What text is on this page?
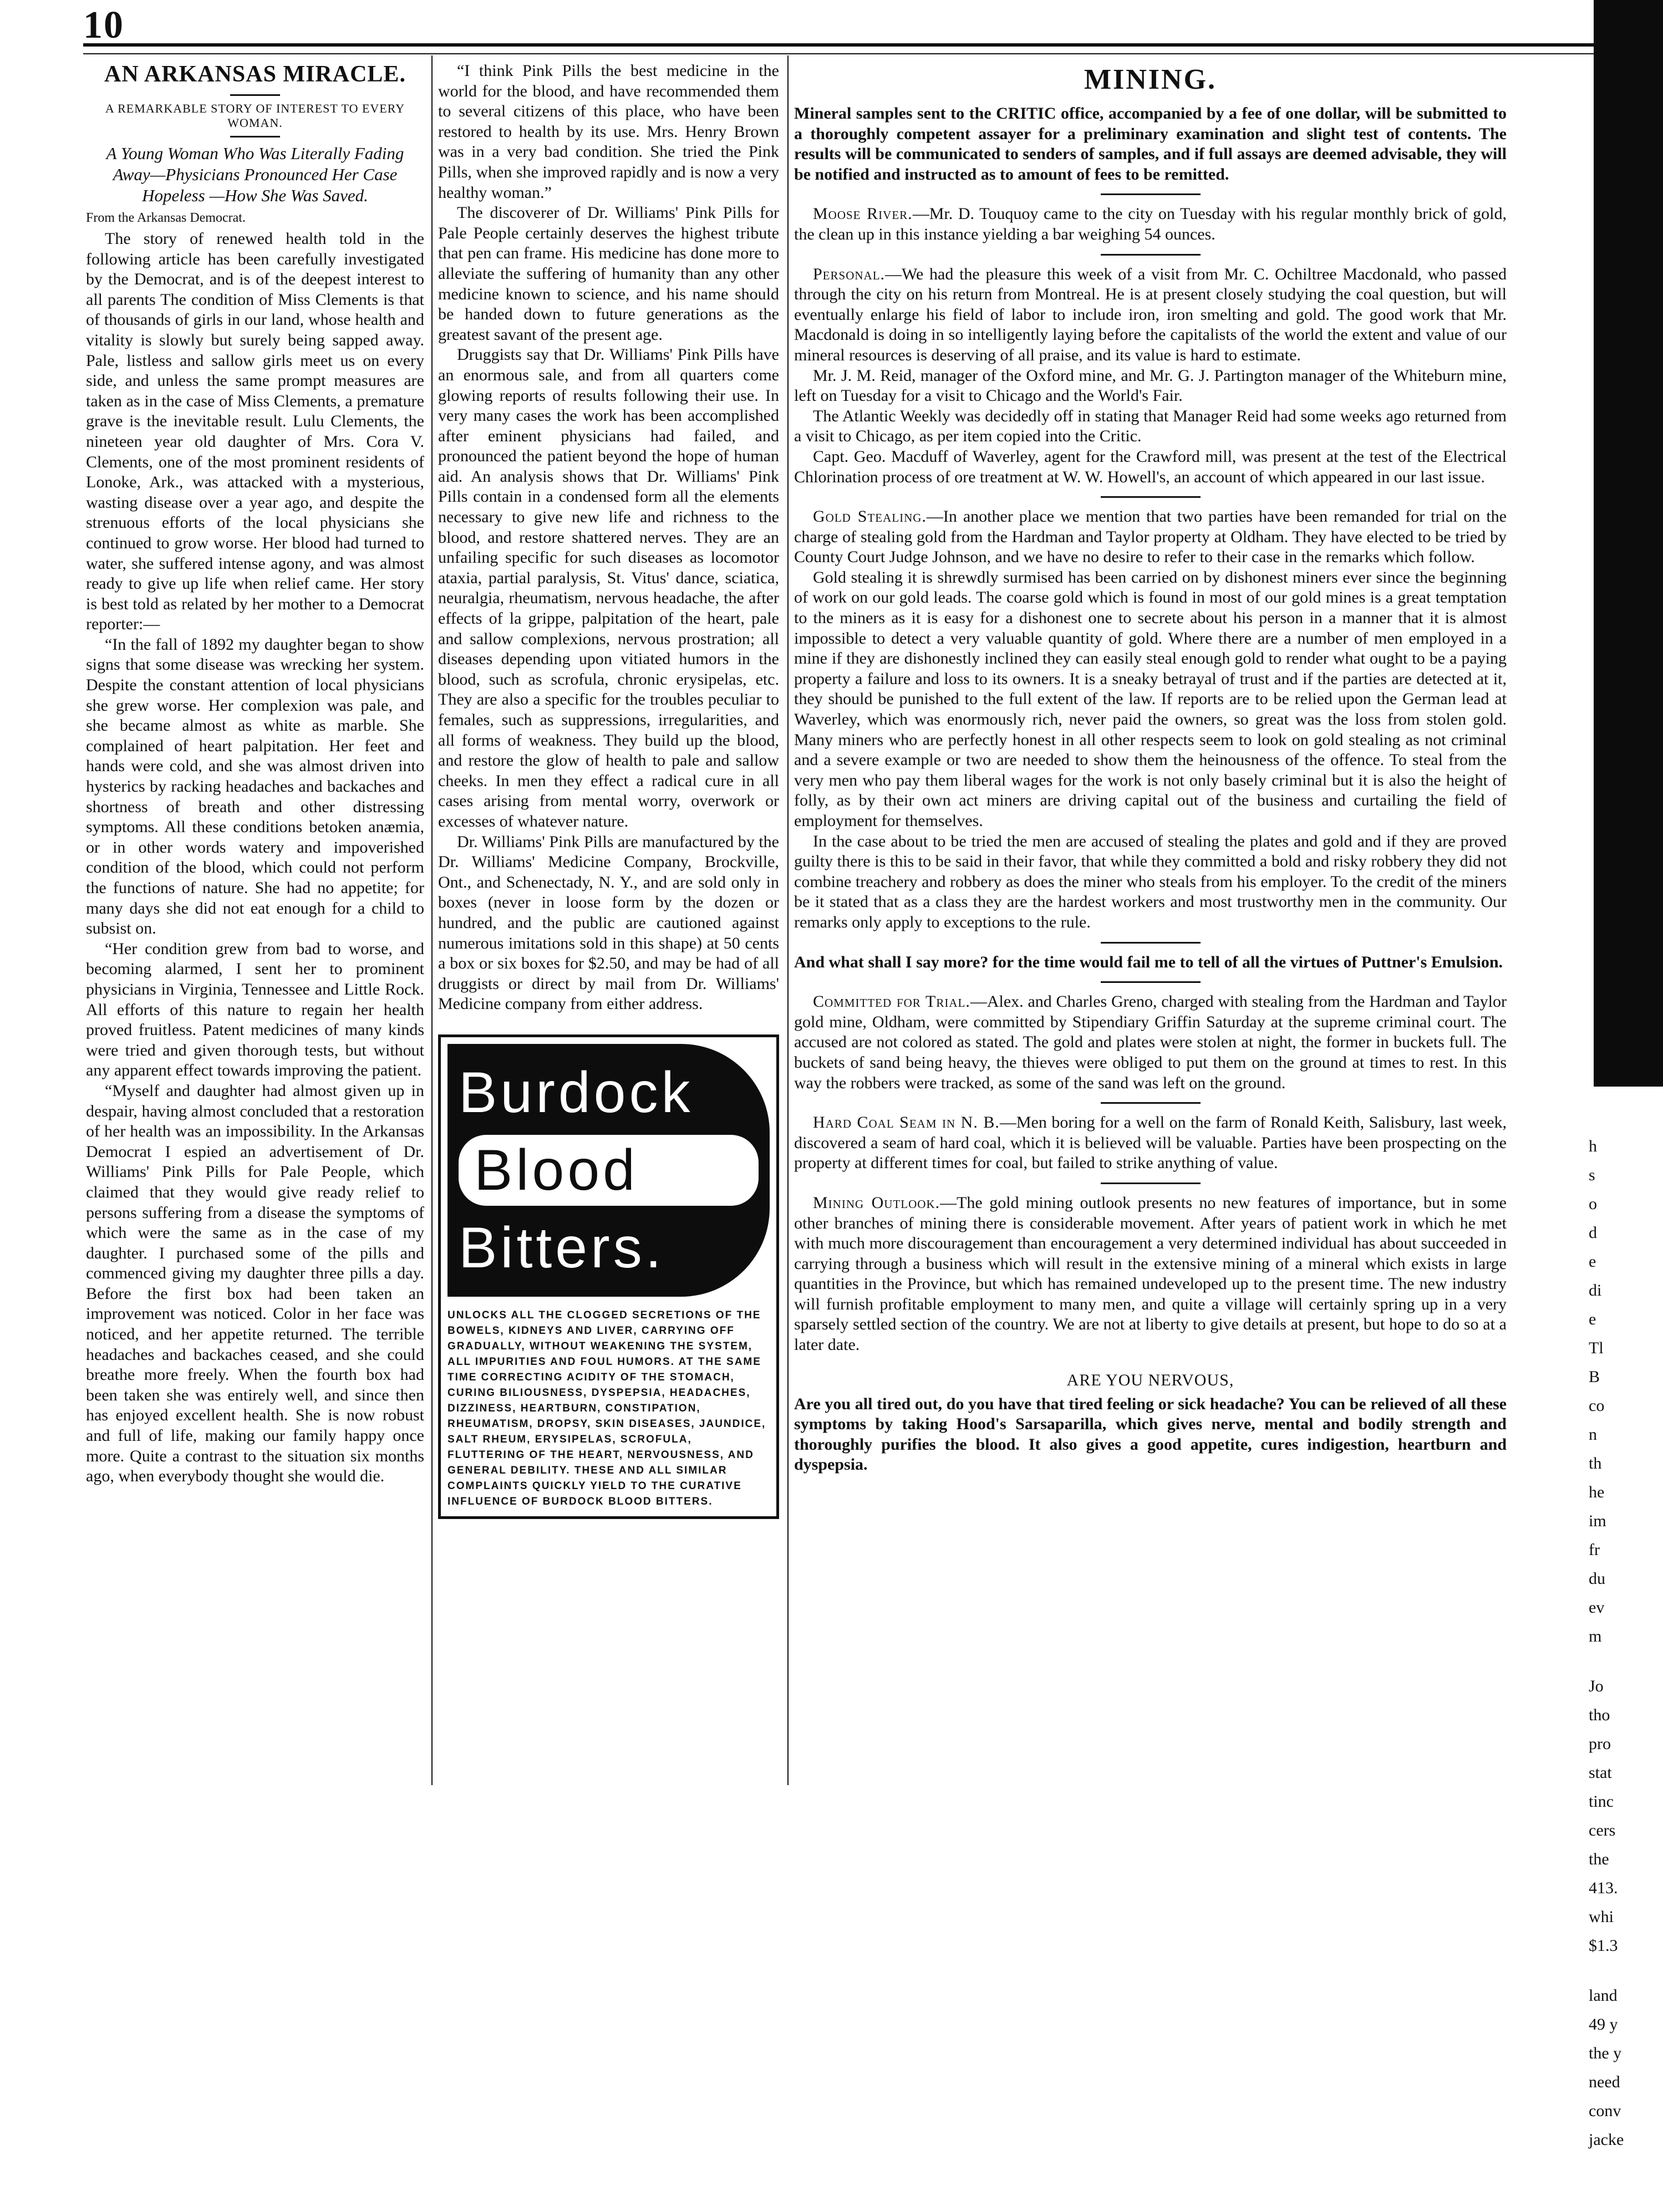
10
AN ARKANSAS MIRACLE.
A REMARKABLE STORY OF INTEREST TO EVERY WOMAN.
A Young Woman Who Was Literally Fading Away—Physicians Pronounced Her Case Hopeless —How She Was Saved.
From the Arkansas Democrat.

The story of renewed health told in the following article has been carefully investigated by the Democrat, and is of the deepest interest to all parents The condition of Miss Clements is that of thousands of girls in our land, whose health and vitality is slowly but surely being sapped away. Pale, listless and sallow girls meet us on every side, and unless the same prompt measures are taken as in the case of Miss Clements, a premature grave is the inevitable result. Lulu Clements, the nineteen year old daughter of Mrs. Cora V. Clements, one of the most prominent residents of Lonoke, Ark., was attacked with a mysterious, wasting disease over a year ago, and despite the strenuous efforts of the local physicians she continued to grow worse. Her blood had turned to water, she suffered intense agony, and was almost ready to give up life when relief came. Her story is best told as related by her mother to a Democrat reporter:—

“In the fall of 1892 my daughter began to show signs that some disease was wrecking her system. Despite the constant attention of local physicians she grew worse. Her complexion was pale, and she became almost as white as marble. She complained of heart palpitation. Her feet and hands were cold, and she was almost driven into hysterics by racking headaches and backaches and shortness of breath and other distressing symptoms. All these conditions betoken anæmia, or in other words watery and impoverished condition of the blood, which could not perform the functions of nature. She had no appetite; for many days she did not eat enough for a child to subsist on.

“Her condition grew from bad to worse, and becoming alarmed, I sent her to prominent physicians in Virginia, Tennessee and Little Rock. All efforts of this nature to regain her health proved fruitless. Patent medicines of many kinds were tried and given thorough tests, but without any apparent effect towards improving the patient.

“Myself and daughter had almost given up in despair, having almost concluded that a restoration of her health was an impossibility. In the Arkansas Democrat I espied an advertisement of Dr. Williams' Pink Pills for Pale People, which claimed that they would give ready relief to persons suffering from a disease the symptoms of which were the same as in the case of my daughter. I purchased some of the pills and commenced giving my daughter three pills a day. Before the first box had been taken an improvement was noticed. Color in her face was noticed, and her appetite returned. The terrible headaches and backaches ceased, and she could breathe more freely. When the fourth box had been taken she was entirely well, and since then has enjoyed excellent health. She is now robust and full of life, making our family happy once more. Quite a contrast to the situation six months ago, when everybody thought she would die.

“I think Pink Pills the best medicine in the world for the blood, and have recommended them to several citizens of this place, who have been restored to health by its use. Mrs. Henry Brown was in a very bad condition. She tried the Pink Pills, when she improved rapidly and is now a very healthy woman.”

The discoverer of Dr. Williams' Pink Pills for Pale People certainly deserves the highest tribute that pen can frame. His medicine has done more to alleviate the suffering of humanity than any other medicine known to science, and his name should be handed down to future generations as the greatest savant of the present age.

Druggists say that Dr. Williams' Pink Pills have an enormous sale, and from all quarters come glowing reports of results following their use. In very many cases the work has been accomplished after eminent physicians had failed, and pronounced the patient beyond the hope of human aid. An analysis shows that Dr. Williams' Pink Pills contain in a condensed form all the elements necessary to give new life and richness to the blood, and restore shattered nerves. They are an unfailing specific for such diseases as locomotor ataxia, partial paralysis, St. Vitus' dance, sciatica, neuralgia, rheumatism, nervous headache, the after effects of la grippe, palpitation of the heart, pale and sallow complexions, nervous prostration; all diseases depending upon vitiated humors in the blood, such as scrofula, chronic erysipelas, etc. They are also a specific for the troubles peculiar to females, such as suppressions, irregularities, and all forms of weakness. They build up the blood, and restore the glow of health to pale and sallow cheeks. In men they effect a radical cure in all cases arising from mental worry, overwork or excesses of whatever nature.

Dr. Williams' Pink Pills are manufactured by the Dr. Williams' Medicine Company, Brockville, Ont., and Schenectady, N. Y., and are sold only in boxes (never in loose form by the dozen or hundred, and the public are cautioned against numerous imitations sold in this shape) at 50 cents a box or six boxes for $2.50, and may be had of all druggists or direct by mail from Dr. Williams' Medicine company from either address.

Burdock
Blood
Bitters.
UNLOCKS ALL THE CLOGGED SECRETIONS OF THE BOWELS, KIDNEYS AND LIVER, CARRYING OFF GRADUALLY, WITHOUT WEAKENING THE SYSTEM, ALL IMPURITIES AND FOUL HUMORS. AT THE SAME TIME CORRECTING ACIDITY OF THE STOMACH, CURING BILIOUSNESS, DYSPEPSIA, HEADACHES, DIZZINESS, HEARTBURN, CONSTIPATION, RHEUMATISM, DROPSY, SKIN DISEASES, JAUNDICE, SALT RHEUM, ERYSIPELAS, SCROFULA, FLUTTERING OF THE HEART, NERVOUSNESS, AND GENERAL DEBILITY. THESE AND ALL SIMILAR COMPLAINTS QUICKLY YIELD TO THE CURATIVE INFLUENCE OF BURDOCK BLOOD BITTERS.
MINING.

Mineral samples sent to the CRITIC office, accompanied by a fee of one dollar, will be submitted to a thoroughly competent assayer for a preliminary examination and slight test of contents. The results will be communicated to senders of samples, and if full assays are deemed advisable, they will be notified and instructed as to amount of fees to be remitted.

Moose River.—Mr. D. Touquoy came to the city on Tuesday with his regular monthly brick of gold, the clean up in this instance yielding a bar weighing 54 ounces.

Personal.—We had the pleasure this week of a visit from Mr. C. Ochiltree Macdonald, who passed through the city on his return from Montreal. He is at present closely studying the coal question, but will eventually enlarge his field of labor to include iron, iron smelting and gold. The good work that Mr. Macdonald is doing in so intelligently laying before the capitalists of the world the extent and value of our mineral resources is deserving of all praise, and its value is hard to estimate.

Mr. J. M. Reid, manager of the Oxford mine, and Mr. G. J. Partington manager of the Whiteburn mine, left on Tuesday for a visit to Chicago and the World's Fair.

The Atlantic Weekly was decidedly off in stating that Manager Reid had some weeks ago returned from a visit to Chicago, as per item copied into the Critic.

Capt. Geo. Macduff of Waverley, agent for the Crawford mill, was present at the test of the Electrical Chlorination process of ore treatment at W. W. Howell's, an account of which appeared in our last issue.

Gold Stealing.—In another place we mention that two parties have been remanded for trial on the charge of stealing gold from the Hardman and Taylor property at Oldham. They have elected to be tried by County Court Judge Johnson, and we have no desire to refer to their case in the remarks which follow.

Gold stealing it is shrewdly surmised has been carried on by dishonest miners ever since the beginning of work on our gold leads. The coarse gold which is found in most of our gold mines is a great temptation to the miners as it is easy for a dishonest one to secrete about his person in a manner that it is almost impossible to detect a very valuable quantity of gold. Where there are a number of men employed in a mine if they are dishonestly inclined they can easily steal enough gold to render what ought to be a paying property a failure and loss to its owners. It is a sneaky betrayal of trust and if the parties are detected at it, they should be punished to the full extent of the law. If reports are to be relied upon the German lead at Waverley, which was enormously rich, never paid the owners, so great was the loss from stolen gold. Many miners who are perfectly honest in all other respects seem to look on gold stealing as not criminal and a severe example or two are needed to show them the heinousness of the offence. To steal from the very men who pay them liberal wages for the work is not only basely criminal but it is also the height of folly, as by their own act miners are driving capital out of the business and curtailing the field of employment for themselves.

In the case about to be tried the men are accused of stealing the plates and gold and if they are proved guilty there is this to be said in their favor, that while they committed a bold and risky robbery they did not combine treachery and robbery as does the miner who steals from his employer. To the credit of the miners be it stated that as a class they are the hardest workers and most trustworthy men in the community. Our remarks only apply to exceptions to the rule.

And what shall I say more? for the time would fail me to tell of all the virtues of Puttner's Emulsion.

Committed for Trial.—Alex. and Charles Greno, charged with stealing from the Hardman and Taylor gold mine, Oldham, were committed by Stipendiary Griffin Saturday at the supreme criminal court. The accused are not colored as stated. The gold and plates were stolen at night, the former in buckets full. The buckets of sand being heavy, the thieves were obliged to put them on the ground at times to rest. In this way the robbers were tracked, as some of the sand was left on the ground.

Hard Coal Seam in N. B.—Men boring for a well on the farm of Ronald Keith, Salisbury, last week, discovered a seam of hard coal, which it is believed will be valuable. Parties have been prospecting on the property at different times for coal, but failed to strike anything of value.

Mining Outlook.—The gold mining outlook presents no new features of importance, but in some other branches of mining there is considerable movement. After years of patient work in which he met with much more discouragement than encouragement a very determined individual has about succeeded in carrying through a business which will result in the extensive mining of a mineral which exists in large quantities in the Province, but which has remained undeveloped up to the present time. The new industry will furnish profitable employment to many men, and quite a village will certainly spring up in a very sparsely settled section of the country. We are not at liberty to give details at present, but hope to do so at a later date.

ARE YOU NERVOUS,

Are you all tired out, do you have that tired feeling or sick headache? You can be relieved of all these symptoms by taking Hood's Sarsaparilla, which gives nerve, mental and bodily strength and thoroughly purifies the blood. It also gives a good appetite, cures indigestion, heartburn and dyspepsia.

h
s
o
d
e
di
e
Tl
B
co
n
th
he
im
fr
du
ev
m
Jo
tho
pro
stat
tinc
cers
the
413.
whi
$1.3
land
49 y
the y
need
conv
jacke
